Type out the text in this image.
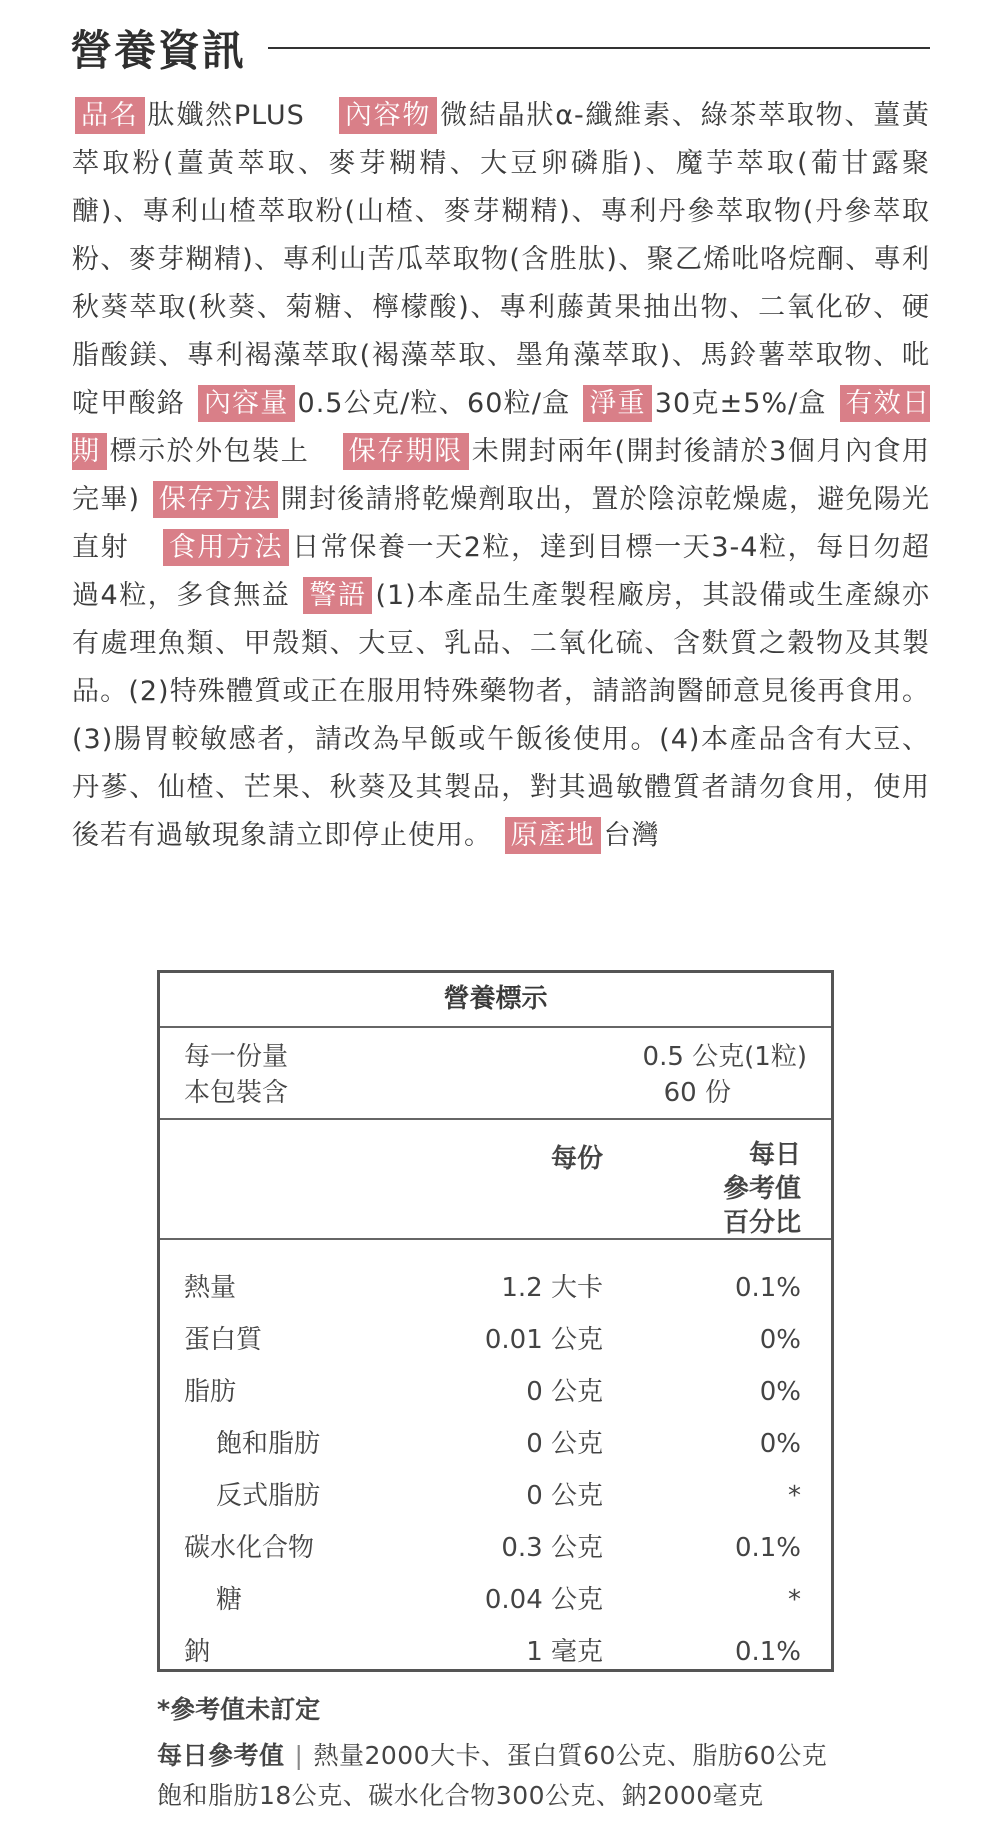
營養資訊
品名 肽孅然PLUS 內容物 微結晶狀α-纖維素、綠茶萃取物、薑黃萃取粉(薑黃萃取、麥芽糊精、大豆卵磷脂)、魔芋萃取(葡甘露聚醣)、專利山楂萃取粉(山楂、麥芽糊精)、專利丹參萃取物(丹參萃取粉、麥芽糊精)、專利山苦瓜萃取物(含胜肽)、聚乙烯吡咯烷酮、專利秋葵萃取(秋葵、菊糖、檸檬酸)、專利藤黃果抽出物、二氧化矽、硬脂酸鎂、專利褐藻萃取(褐藻萃取、墨角藻萃取)、馬鈴薯萃取物、吡啶甲酸鉻 內容量 0.5公克/粒、60粒/盒 淨重 30克±5%/盒 有效日期 標示於外包裝上 保存期限 未開封兩年(開封後請於3個月內食用完畢) 保存方法 開封後請將乾燥劑取出，置於陰涼乾燥處，避免陽光直射 食用方法 日常保養一天2粒，達到目標一天3-4粒，每日勿超過4粒，多食無益 警語 (1)本產品生產製程廠房，其設備或生產線亦有處理魚類、甲殼類、大豆、乳品、二氧化硫、含麩質之穀物及其製品。(2)特殊體質或正在服用特殊藥物者，請諮詢醫師意見後再食用。(3)腸胃較敏感者，請改為早飯或午飯後使用。(4)本產品含有大豆、丹蔘、仙楂、芒果、秋葵及其製品，對其過敏體質者請勿食用，使用後若有過敏現象請立即停止使用。 原產地 台灣
營養標示
每一份量	0.5 公克(1粒)
本包裝含	60 份
每份	每日
參考值
百分比
熱量	1.2 大卡	0.1%
蛋白質	0.01 公克	0%
脂肪	0 公克	0%
飽和脂肪	0 公克	0%
反式脂肪	0 公克	*
碳水化合物	0.3 公克	0.1%
糖	0.04 公克	*
鈉	1 毫克	0.1%
*參考值未訂定
每日參考值 | 熱量2000大卡、蛋白質60公克、脂肪60公克
飽和脂肪18公克、碳水化合物300公克、鈉2000毫克
